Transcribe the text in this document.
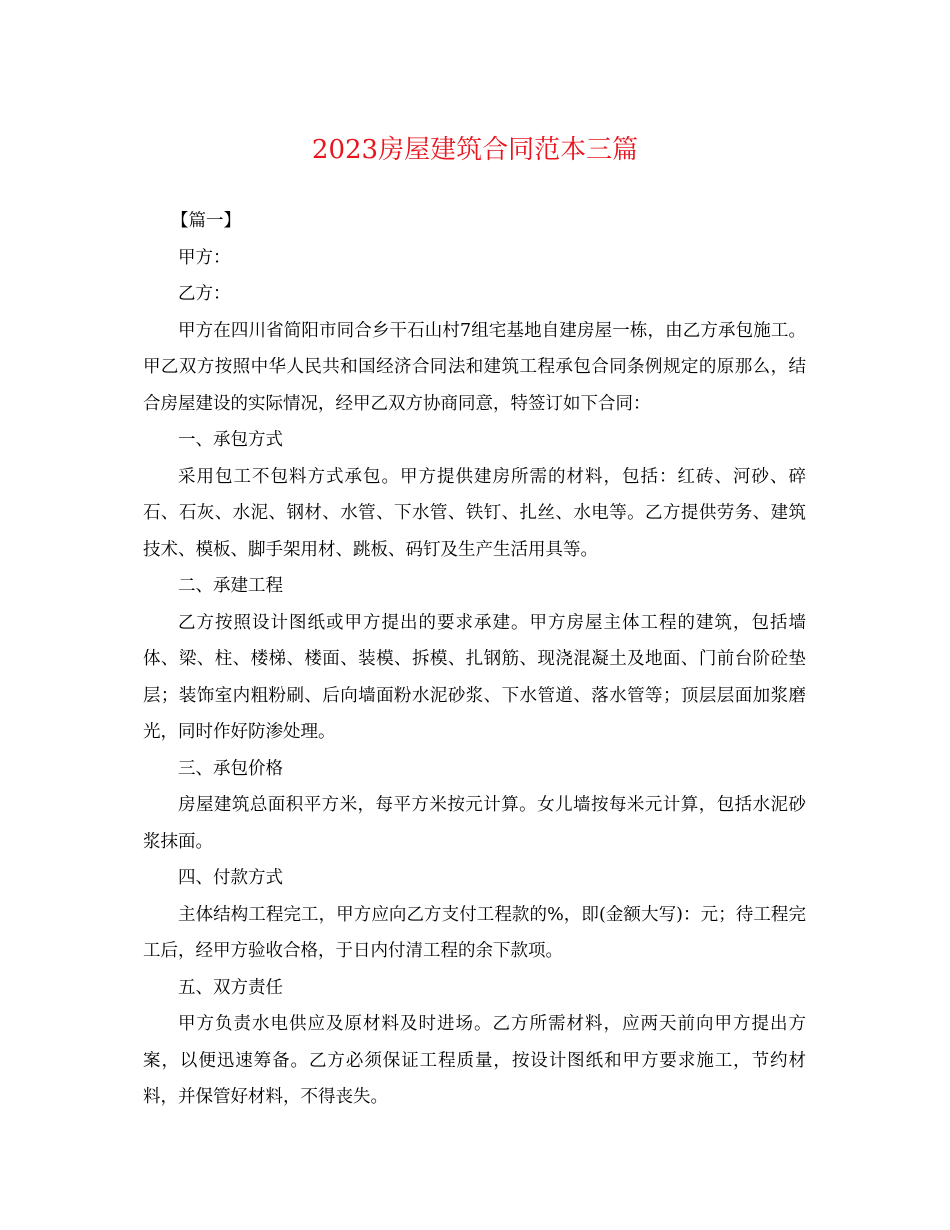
2023房屋建筑合同范本三篇

【篇一】

甲方：

乙方：

甲方在四川省简阳市同合乡干石山村7组宅基地自建房屋一栋，由乙方承包施工。甲乙双方按照中华人民共和国经济合同法和建筑工程承包合同条例规定的原那么，结合房屋建设的实际情况，经甲乙双方协商同意，特签订如下合同：

一、承包方式

采用包工不包料方式承包。甲方提供建房所需的材料，包括：红砖、河砂、碎石、石灰、水泥、钢材、水管、下水管、铁钉、扎丝、水电等。乙方提供劳务、建筑技术、模板、脚手架用材、跳板、码钉及生产生活用具等。

二、承建工程

乙方按照设计图纸或甲方提出的要求承建。甲方房屋主体工程的建筑，包括墙体、梁、柱、楼梯、楼面、装模、拆模、扎钢筋、现浇混凝土及地面、门前台阶砼垫层；装饰室内粗粉刷、后向墙面粉水泥砂浆、下水管道、落水管等；顶层层面加浆磨光，同时作好防渗处理。

三、承包价格

房屋建筑总面积平方米，每平方米按元计算。女儿墙按每米元计算，包括水泥砂浆抹面。

四、付款方式

主体结构工程完工，甲方应向乙方支付工程款的%，即(金额大写)：元；待工程完工后，经甲方验收合格，于日内付清工程的余下款项。

五、双方责任

甲方负责水电供应及原材料及时进场。乙方所需材料，应两天前向甲方提出方案，以便迅速筹备。乙方必须保证工程质量，按设计图纸和甲方要求施工，节约材料，并保管好材料，不得丧失。
